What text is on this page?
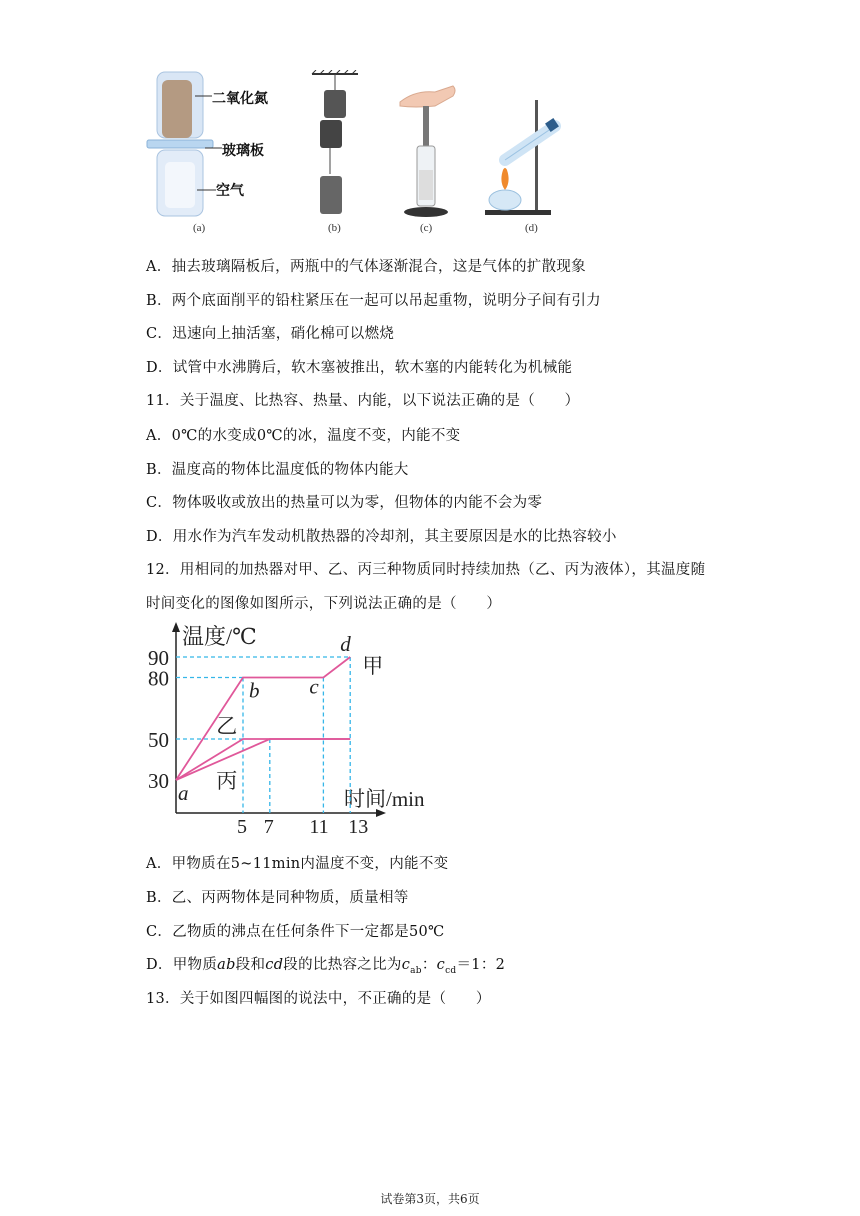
二氧化氮
玻璃板
空气
(a)	(b)	(c)	(d)
A．抽去玻璃隔板后，两瓶中的气体逐渐混合，这是气体的扩散现象
B．两个底面削平的铅柱紧压在一起可以吊起重物，说明分子间有引力
C．迅速向上抽活塞，硝化棉可以燃烧
D．试管中水沸腾后，软木塞被推出，软木塞的内能转化为机械能
11．关于温度、比热容、热量、内能，以下说法正确的是（　　）
A．0℃的水变成0℃的冰，温度不变，内能不变
B．温度高的物体比温度低的物体内能大
C．物体吸收或放出的热量可以为零，但物体的内能不会为零
D．用水作为汽车发动机散热器的冷却剂，其主要原因是水的比热容较小
12．用相同的加热器对甲、乙、丙三种物质同时持续加热（乙、丙为液体），其温度随
时间变化的图像如图所示，下列说法正确的是（　　）
温度/℃
时间/min
90
80
50
30
5 7 11 13
a
b c
d
甲
乙
丙
A．甲物质在5~11min内温度不变，内能不变
B．乙、丙两物体是同种物质，质量相等
C．乙物质的沸点在任何条件下一定都是50℃
D．甲物质ab段和cd段的比热容之比为$c_{ab}$：$c_{cd}=1$：2
13．关于如图四幅图的说法中，不正确的是（　　）
试卷第3页，共6页
